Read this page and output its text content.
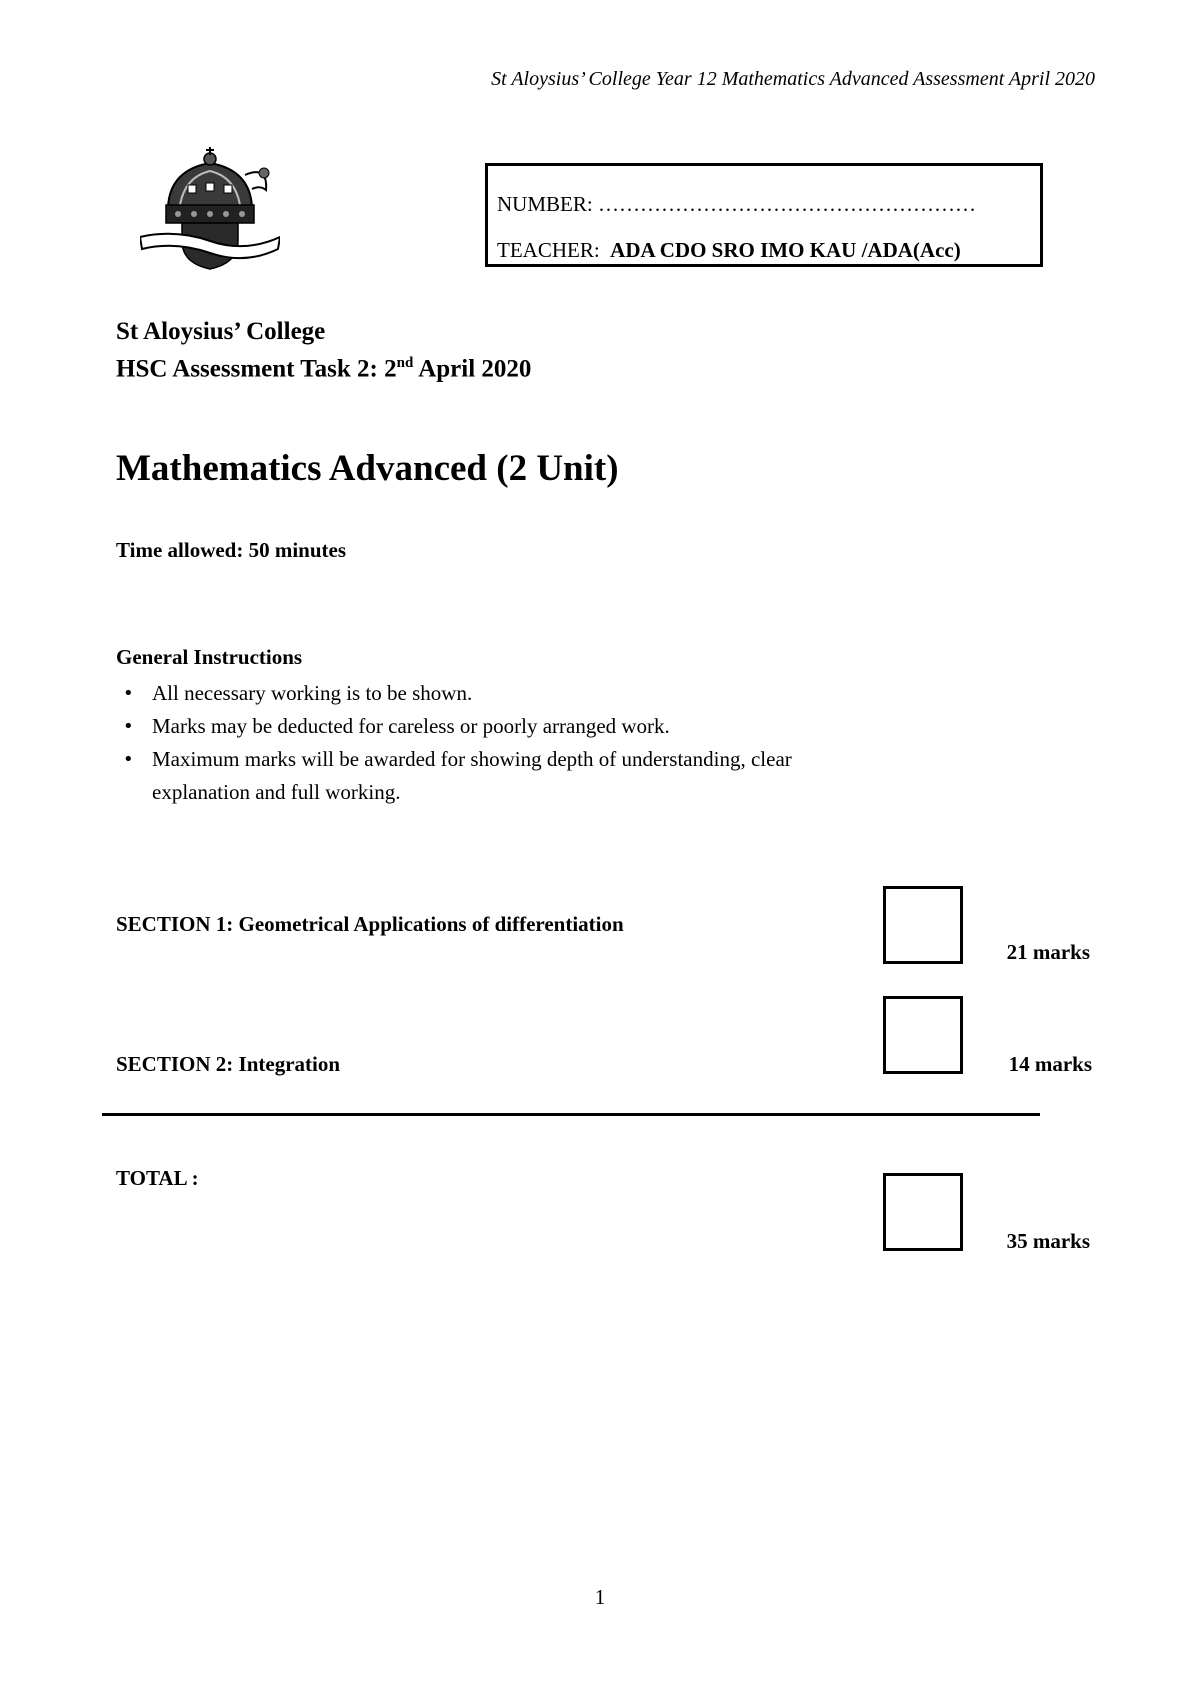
St Aloysius’ College Year 12 Mathematics Advanced Assessment April 2020
NUMBER: ………………………………………………
TEACHER: ADA CDO SRO IMO KAU /ADA(Acc)
St Aloysius’ College
HSC Assessment Task 2: 2nd April 2020
Mathematics Advanced (2 Unit)
Time allowed: 50 minutes
General Instructions
• All necessary working is to be shown.
• Marks may be deducted for careless or poorly arranged work.
• Maximum marks will be awarded for showing depth of understanding, clear explanation and full working.
SECTION 1: Geometrical Applications of differentiation
21 marks
SECTION 2: Integration	14 marks
TOTAL :
35 marks
1
